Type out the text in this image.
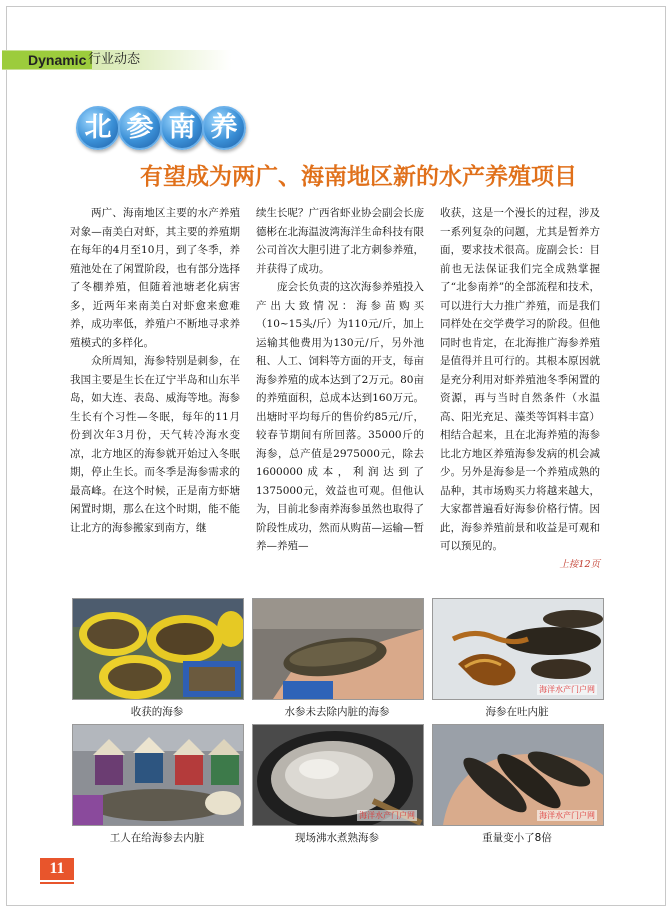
Dynamic 行业动态
北 参 南 养
有望成为两广、海南地区新的水产养殖项目

两广、海南地区主要的水产养殖对象—南美白对虾，其主要的养殖期在每年的4月至10月，到了冬季，养殖池处在了闲置阶段，也有部分选择了冬棚养殖，但随着池塘老化病害多，近两年来南美白对虾愈来愈难养，成功率低，养殖户不断地寻求养殖模式的多样化。

众所周知，海参特别是刺参，在我国主要是生长在辽宁半岛和山东半岛，如大连、表岛、威海等地。海参生长有个习性—冬眠，每年的11月份到次年3月份，天气转冷海水变凉，北方地区的海参就开始过入冬眠期，停止生长。而冬季是海参需求的最高峰。在这个时候，正是南方虾塘闲置时期，那么在这个时期，能不能让北方的海参搬家到南方，继

续生长呢？广西省虾业协会副会长庞德彬在北海温波湾海洋生命科技有限公司首次大胆引进了北方刺参养殖，并获得了成功。

庞会长负责的这次海参养殖投入产出大致情况：海参苗购买（10~15头/斤）为110元/斤，加上运输其他费用为130元/斤，另外池租、人工、饲料等方面的开支，每亩海参养殖的成本达到了2万元。80亩的养殖面积，总成本达到160万元。出塘时平均每斤的售价约85元/斤，较春节期间有所回落。35000斤的海参，总产值是2975000元，除去1600000成本，利润达到了1375000元，效益也可观。但他认为，目前北参南养海参虽然也取得了阶段性成功，然而从购苗—运输—暂养—养殖—

收获，这是一个漫长的过程，涉及一系列复杂的问题，尤其是暂养方面，要求技术很高。庞副会长：目前也无法保证我们完全成熟掌握了“北参南养”的全部流程和技术，可以进行大力推广养殖，而是我们同样处在交学费学习的阶段。但他同时也肯定，在北海推广海参养殖是值得并且可行的。其根本原因就是充分利用对虾养殖池冬季闲置的资源，再与当时自然条件（水温高、阳光充足、藻类等饵料丰富）相结合起来，且在北海养殖的海参比北方地区养殖海参发病的机会减少。另外是海参是一个养殖成熟的品种，其市场购买力将越来越大，大家都普遍看好海参价格行情。因此，海参养殖前景和收益是可观和可以预见的。

上接12页
收获的海参	水参未去除内脏的海参
海洋水产门户网
海参在吐内脏
工人在给海参去内脏
海洋水产门户网
现场沸水煮熟海参
海洋水产门户网
重量变小了8倍
11
